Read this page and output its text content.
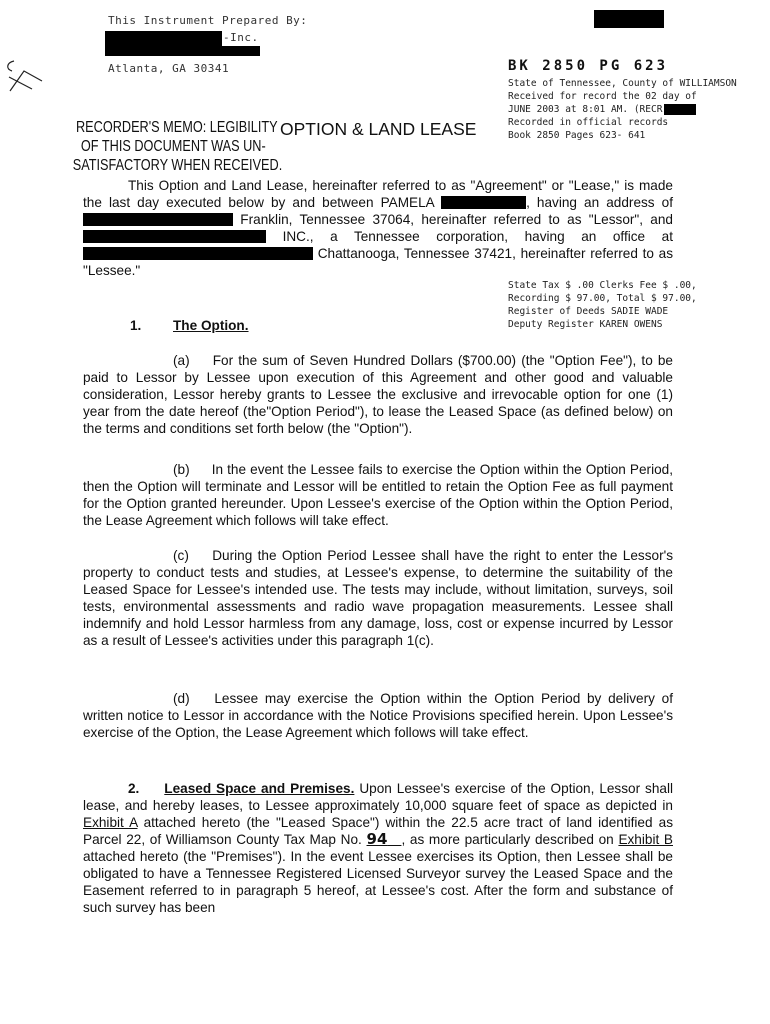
This Instrument Prepared By:
-Inc.
Atlanta, GA 30341	BK 2850 PG 623
State of Tennessee, County of WILLIAMSON
Received for record the 02 day of
JUNE 2003 at 8:01 AM. (RECR
Recorded in official records
Book 2850 Pages 623- 641
RECORDER'S MEMO: LEGIBILITY
OF THIS DOCUMENT WAS UN-
SATISFACTORY WHEN RECEIVED.
OPTION & LAND LEASE
This Option and Land Lease, hereinafter referred to as "Agreement" or "Lease," is made the last day executed below by and between PAMELA	, having an address of  Franklin, Tennessee 37064, hereinafter referred to as "Lessor", and  INC., a Tennessee corporation, having an office at  Chattanooga, Tennessee 37421, hereinafter referred to as "Lessee."
State Tax $ .00 Clerks Fee $ .00,
Recording $ 97.00, Total $ 97.00,
Register of Deeds SADIE WADE
Deputy Register KAREN OWENS
1. The Option.
(a) For the sum of Seven Hundred Dollars ($700.00) (the "Option Fee"), to be paid to Lessor by Lessee upon execution of this Agreement and other good and valuable consideration, Lessor hereby grants to Lessee the exclusive and irrevocable option for one (1) year from the date hereof (the"Option Period"), to lease the Leased Space (as defined below) on the terms and conditions set forth below (the "Option").
(b) In the event the Lessee fails to exercise the Option within the Option Period, then the Option will terminate and Lessor will be entitled to retain the Option Fee as full payment for the Option granted hereunder. Upon Lessee's exercise of the Option within the Option Period, the Lease Agreement which follows will take effect.
(c) During the Option Period Lessee shall have the right to enter the Lessor's property to conduct tests and studies, at Lessee's expense, to determine the suitability of the Leased Space for Lessee's intended use. The tests may include, without limitation, surveys, soil tests, environmental assessments and radio wave propagation measurements. Lessee shall indemnify and hold Lessor harmless from any damage, loss, cost or expense incurred by Lessor as a result of Lessee's activities under this paragraph 1(c).
(d) Lessee may exercise the Option within the Option Period by delivery of written notice to Lessor in accordance with the Notice Provisions specified herein. Upon Lessee's exercise of the Option, the Lease Agreement which follows will take effect.
2. Leased Space and Premises. Upon Lessee's exercise of the Option, Lessor shall lease, and hereby leases, to Lessee approximately 10,000 square feet of space as depicted in Exhibit A attached hereto (the "Leased Space") within the 22.5 acre tract of land identified as Parcel 22, of Williamson County Tax Map No. 94 , as more particularly described on Exhibit B attached hereto (the "Premises"). In the event Lessee exercises its Option, then Lessee shall be obligated to have a Tennessee Registered Licensed Surveyor survey the Leased Space and the Easement referred to in paragraph 5 hereof, at Lessee's cost. After the form and substance of such survey has been
